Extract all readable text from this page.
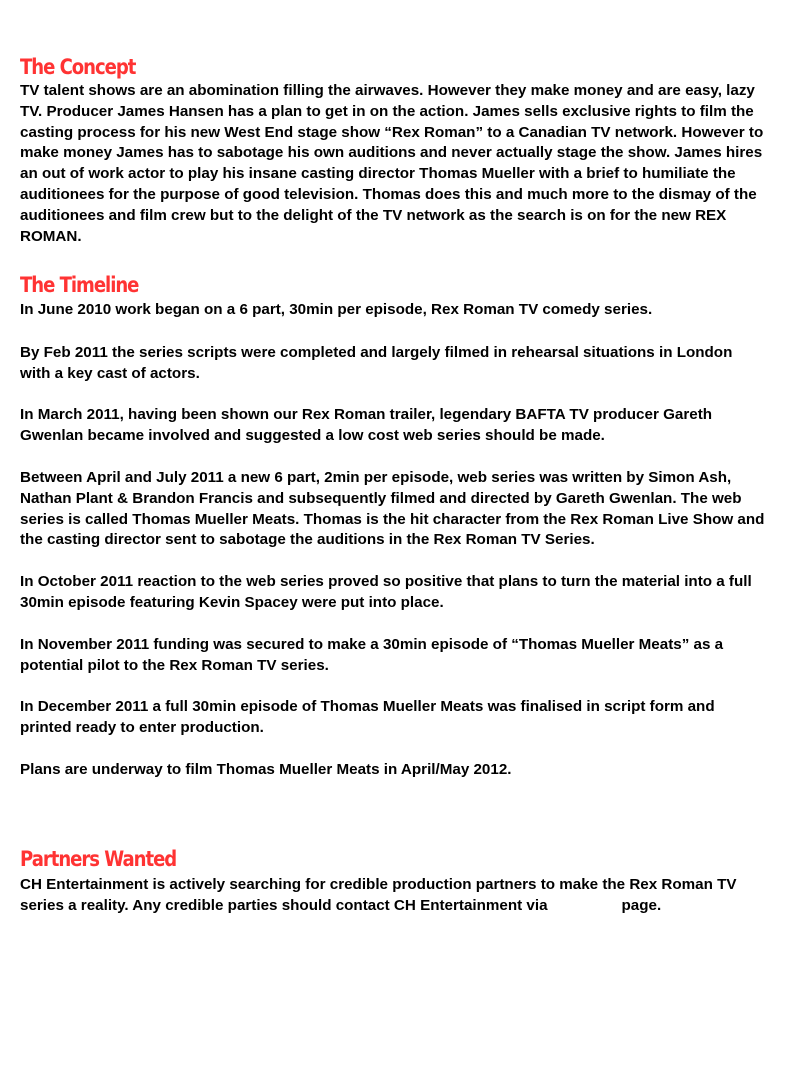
The Concept

TV talent shows are an abomination filling the airwaves. However they make money and are easy, lazy TV. Producer James Hansen has a plan to get in on the action. James sells exclusive rights to film the casting process for his new West End stage show “Rex Roman” to a Canadian TV network. However to make money James has to sabotage his own auditions and never actually stage the show. James hires an out of work actor to play his insane casting director Thomas Mueller with a brief to humiliate the auditionees for the purpose of good television. Thomas does this and much more to the dismay of the auditionees and film crew but to the delight of the TV network as the search is on for the new REX ROMAN.

The Timeline

In June 2010 work began on a 6 part, 30min per episode, Rex Roman TV comedy series.

By Feb 2011 the series scripts were completed and largely filmed in rehearsal situations in London with a key cast of actors.

In March 2011, having been shown our Rex Roman trailer, legendary BAFTA TV producer Gareth Gwenlan became involved and suggested a low cost web series should be made.

Between April and July 2011 a new 6 part, 2min per episode, web series was written by Simon Ash, Nathan Plant & Brandon Francis and subsequently filmed and directed by Gareth Gwenlan. The web series is called Thomas Mueller Meats. Thomas is the hit character from the Rex Roman Live Show and the casting director sent to sabotage the auditions in the Rex Roman TV Series.

In October 2011 reaction to the web series proved so positive that plans to turn the material into a full 30min episode featuring Kevin Spacey were put into place.

In November 2011 funding was secured to make a 30min episode of “Thomas Mueller Meats” as a potential pilot to the Rex Roman TV series.

In December 2011 a full 30min episode of Thomas Mueller Meats was finalised in script form and printed ready to enter production.

Plans are underway to film Thomas Mueller Meats in April/May 2012.

Partners Wanted

CH Entertainment is actively searching for credible production partners to make the Rex Roman TV series a reality. Any credible parties should contact CH Entertainment via	page.
